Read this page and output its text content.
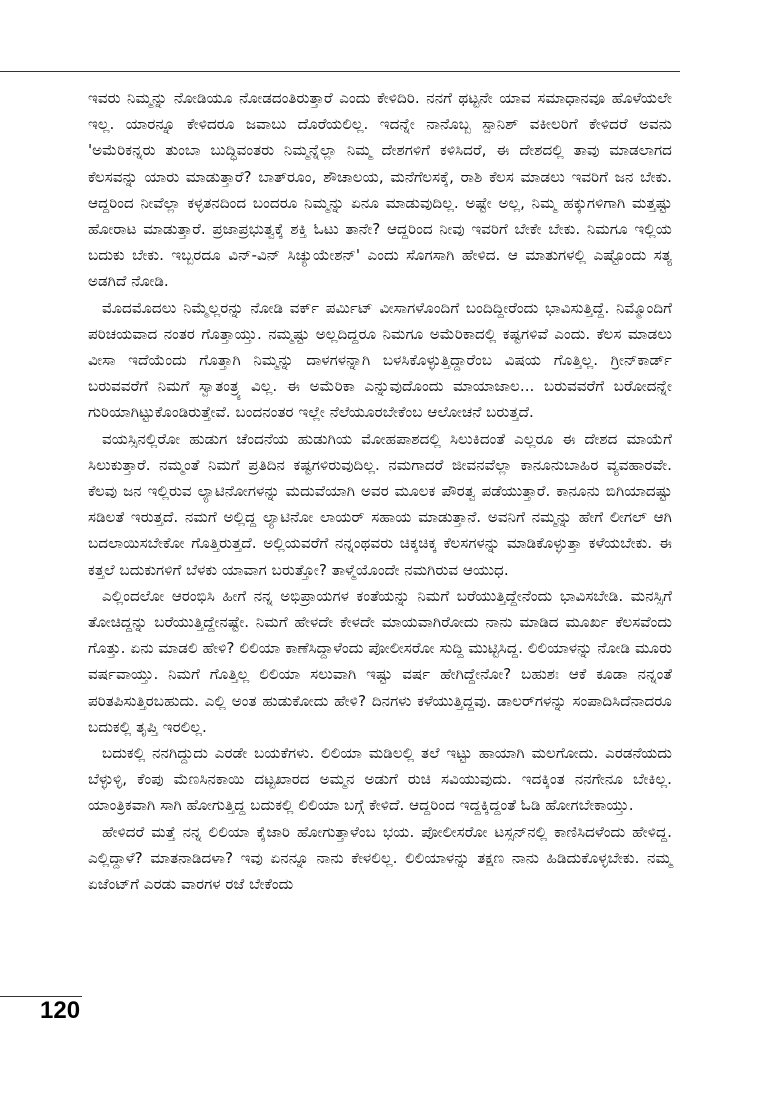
ಇವರು ನಿಮ್ಮನ್ನು ನೋಡಿಯೂ ನೋಡದಂತಿರುತ್ತಾರೆ ಎಂದು ಕೇಳಿದಿರಿ. ನನಗೆ ಥಟ್ಟನೇ ಯಾವ ಸಮಾಧಾನವೂ ಹೊಳೆಯಲೇ ಇಲ್ಲ. ಯಾರನ್ನೂ ಕೇಳಿದರೂ ಜವಾಬು ದೊರೆಯಲಿಲ್ಲ. ಇದನ್ನೇ ನಾನೊಬ್ಬ ಸ್ಪಾನಿಶ್ ವಕೀಲರಿಗೆ ಕೇಳಿದರೆ ಅವನು 'ಅಮೆರಿಕನ್ನರು ತುಂಬಾ ಬುದ್ಧಿವಂತರು ನಿಮ್ಮನ್ನೆಲ್ಲಾ ನಿಮ್ಮ ದೇಶಗಳಿಗೆ ಕಳಿಸಿದರೆ, ಈ ದೇಶದಲ್ಲಿ ತಾವು ಮಾಡಲಾಗದ ಕೆಲಸವನ್ನು ಯಾರು ಮಾಡುತ್ತಾರೆ? ಬಾತ್‌ರೂಂ, ಶೌಚಾಲಯ, ಮನೆಗೆಲಸಕ್ಕೆ, ರಾಶಿ ಕೆಲಸ ಮಾಡಲು ಇವರಿಗೆ ಜನ ಬೇಕು. ಆದ್ದರಿಂದ ನೀವೆಲ್ಲಾ ಕಳ್ಳತನದಿಂದ ಬಂದರೂ ನಿಮ್ಮನ್ನು ಏನೂ ಮಾಡುವುದಿಲ್ಲ. ಅಷ್ಟೇ ಅಲ್ಲ, ನಿಮ್ಮ ಹಕ್ಕುಗಳಿಗಾಗಿ ಮತ್ತಷ್ಟು ಹೋರಾಟ ಮಾಡುತ್ತಾರೆ. ಪ್ರಜಾಪ್ರಭುತ್ವಕ್ಕೆ ಶಕ್ತಿ ಓಟು ತಾನೇ? ಆದ್ದರಿಂದ ನೀವು ಇವರಿಗೆ ಬೇಕೇ ಬೇಕು. ನಿಮಗೂ ಇಲ್ಲಿಯ ಬದುಕು ಬೇಕು. ಇಬ್ಬರದೂ ವಿನ್-ವಿನ್ ಸಿಚ್ಯುಯೇಶನ್' ಎಂದು ಸೊಗಸಾಗಿ ಹೇಳಿದ. ಆ ಮಾತುಗಳಲ್ಲಿ ಎಷ್ಟೊಂದು ಸತ್ಯ ಅಡಗಿದೆ ನೋಡಿ.

ಮೊದಮೊದಲು ನಿಮ್ಮೆಲ್ಲರನ್ನು ನೋಡಿ ವರ್ಕ್ ಪರ್ಮಿಟ್ ವೀಸಾಗಳೊಂದಿಗೆ ಬಂದಿದ್ದೀರೆಂದು ಭಾವಿಸುತ್ತಿದ್ದೆ. ನಿಮ್ಮೊಂದಿಗೆ ಪರಿಚಯವಾದ ನಂತರ ಗೊತ್ತಾಯ್ತು. ನಮ್ಮಷ್ಟು ಅಲ್ಲದಿದ್ದರೂ ನಿಮಗೂ ಅಮೆರಿಕಾದಲ್ಲಿ ಕಷ್ಟಗಳಿವೆ ಎಂದು. ಕೆಲಸ ಮಾಡಲು ವೀಸಾ ಇದೆಯೆಂದು ಗೊತ್ತಾಗಿ ನಿಮ್ಮನ್ನು ದಾಳಗಳನ್ನಾಗಿ ಬಳಸಿಕೊಳ್ಳುತ್ತಿದ್ದಾರೆಂಬ ವಿಷಯ ಗೊತ್ತಿಲ್ಲ. ಗ್ರೀನ್‌ಕಾರ್ಡ್ ಬರುವವರೆಗೆ ನಿಮಗೆ ಸ್ವಾತಂತ್ರ್ಯ ವಿಲ್ಲ. ಈ ಅಮೆರಿಕಾ ಎನ್ನುವುದೊಂದು ಮಾಯಾಜಾಲ... ಬರುವವರೆಗೆ ಬರೋದನ್ನೇ ಗುರಿಯಾಗಿಟ್ಟುಕೊಂಡಿರುತ್ತೇವೆ. ಬಂದನಂತರ ಇಲ್ಲೇ ನೆಲೆಯೂರಬೇಕೆಂಬ ಆಲೋಚನೆ ಬರುತ್ತದೆ.

ವಯಸ್ಸಿನಲ್ಲಿರೋ ಹುಡುಗ ಚೆಂದನೆಯ ಹುಡುಗಿಯ ಮೋಹಪಾಶದಲ್ಲಿ ಸಿಲುಕಿದಂತೆ ಎಲ್ಲರೂ ಈ ದೇಶದ ಮಾಯೆಗೆ ಸಿಲುಕುತ್ತಾರೆ. ನಮ್ಮಂತೆ ನಿಮಗೆ ಪ್ರತಿದಿನ ಕಷ್ಟಗಳಿರುವುದಿಲ್ಲ. ನಮಗಾದರೆ ಜೀವನವೆಲ್ಲಾ ಕಾನೂನುಬಾಹಿರ ವ್ಯವಹಾರವೇ. ಕೆಲವು ಜನ ಇಲ್ಲಿರುವ ಲ್ಯಾಟಿನೋಗಳನ್ನು ಮದುವೆಯಾಗಿ ಅವರ ಮೂಲಕ ಪೌರತ್ವ ಪಡೆಯುತ್ತಾರೆ. ಕಾನೂನು ಬಿಗಿಯಾದಷ್ಟು ಸಡಿಲತೆ ಇರುತ್ತದೆ. ನಮಗೆ ಅಲ್ಲಿದ್ದ ಲ್ಯಾಟಿನೋ ಲಾಯರ್ ಸಹಾಯ ಮಾಡುತ್ತಾನೆ. ಅವನಿಗೆ ನಮ್ಮನ್ನು ಹೇಗೆ ಲೀಗಲ್ ಆಗಿ ಬದಲಾಯಿಸಬೇಕೋ ಗೊತ್ತಿರುತ್ತದೆ. ಅಲ್ಲಿಯವರೆಗೆ ನನ್ನಂಥವರು ಚಿಕ್ಕಚಿಕ್ಕ ಕೆಲಸಗಳನ್ನು ಮಾಡಿಕೊಳ್ಳುತ್ತಾ ಕಳೆಯಬೇಕು. ಈ ಕತ್ತಲೆ ಬದುಕುಗಳಿಗೆ ಬೆಳಕು ಯಾವಾಗ ಬರುತ್ತೋ? ತಾಳ್ಮೆಯೊಂದೇ ನಮಗಿರುವ ಆಯುಧ.

ಎಲ್ಲಿಂದಲೋ ಆರಂಭಿಸಿ ಹೀಗೆ ನನ್ನ ಅಭಿಪ್ರಾಯಗಳ ಕಂತೆಯನ್ನು ನಿಮಗೆ ಬರೆಯುತ್ತಿದ್ದೇನೆಂದು ಭಾವಿಸಬೇಡಿ. ಮನಸ್ಸಿಗೆ ತೋಚಿದ್ದನ್ನು ಬರೆಯುತ್ತಿದ್ದೇನಷ್ಟೇ. ನಿಮಗೆ ಹೇಳದೇ ಕೇಳದೇ ಮಾಯವಾಗಿರೋದು ನಾನು ಮಾಡಿದ ಮೂರ್ಖ ಕೆಲಸವೆಂದು ಗೊತ್ತು. ಏನು ಮಾಡಲಿ ಹೇಳಿ? ಲಿಲಿಯಾ ಕಾಣೆಸಿದ್ದಾಳೆಂದು ಪೋಲೀಸರೋ ಸುದ್ದಿ ಮುಟ್ಟಿಸಿದ್ದ. ಲಿಲಿಯಾಳನ್ನು ನೋಡಿ ಮೂರು ವರ್ಷವಾಯ್ತು. ನಿಮಗೆ ಗೊತ್ತಿಲ್ಲ ಲಿಲಿಯಾ ಸಲುವಾಗಿ ಇಷ್ಟು ವರ್ಷ ಹೇಗಿದ್ದೇನೋ? ಬಹುಶಃ ಆಕೆ ಕೂಡಾ ನನ್ನಂತೆ ಪರಿತಪಿಸುತ್ತಿರಬಹುದು. ಎಲ್ಲಿ ಅಂತ ಹುಡುಕೋದು ಹೇಳಿ? ದಿನಗಳು ಕಳೆಯುತ್ತಿದ್ದವು. ಡಾಲರ್‌ಗಳನ್ನು ಸಂಪಾದಿಸಿದೆನಾದರೂ ಬದುಕಲ್ಲಿ ತೃಪ್ತಿ ಇರಲಿಲ್ಲ.

ಬದುಕಲ್ಲಿ ನನಗಿದ್ದುದು ಎರಡೇ ಬಯಕೆಗಳು. ಲಿಲಿಯಾ ಮಡಿಲಲ್ಲಿ ತಲೆ ಇಟ್ಟು ಹಾಯಾಗಿ ಮಲಗೋದು. ಎರಡನೆಯದು ಬೆಳ್ಳುಳ್ಳಿ, ಕೆಂಪು ಮೆಣಸಿನಕಾಯಿ ದಟ್ಟಖಾರದ ಅಮ್ಮನ ಅಡುಗೆ ರುಚಿ ಸವಿಯುವುದು. ಇದಕ್ಕಿಂತ ನನಗೇನೂ ಬೇಕಿಲ್ಲ. ಯಾಂತ್ರಿಕವಾಗಿ ಸಾಗಿ ಹೋಗುತ್ತಿದ್ದ ಬದುಕಲ್ಲಿ ಲಿಲಿಯಾ ಬಗ್ಗೆ ಕೇಳಿದೆ. ಆದ್ದರಿಂದ ಇದ್ದಕ್ಕಿದ್ದಂತೆ ಓಡಿ ಹೋಗಬೇಕಾಯ್ತು.

ಹೇಳಿದರೆ ಮತ್ತೆ ನನ್ನ ಲಿಲಿಯಾ ಕೈಜಾರಿ ಹೋಗುತ್ತಾಳೆಂಬ ಭಯ. ಪೋಲೀಸರೋ ಟಸ್ಸನ್‌ನಲ್ಲಿ ಕಾಣಿಸಿದಳೆಂದು ಹೇಳಿದ್ದ. ಎಲ್ಲಿದ್ದಾಳೆ? ಮಾತನಾಡಿದಳಾ? ಇವು ಏನನ್ನೂ ನಾನು ಕೇಳಲಿಲ್ಲ. ಲಿಲಿಯಾಳನ್ನು ತಕ್ಷಣ ನಾನು ಹಿಡಿದುಕೊಳ್ಳಬೇಕು. ನಮ್ಮ ಏಜೆಂಟ್‌ಗೆ ಎರಡು ವಾರಗಳ ರಜೆ ಬೇಕೆಂದು

120
